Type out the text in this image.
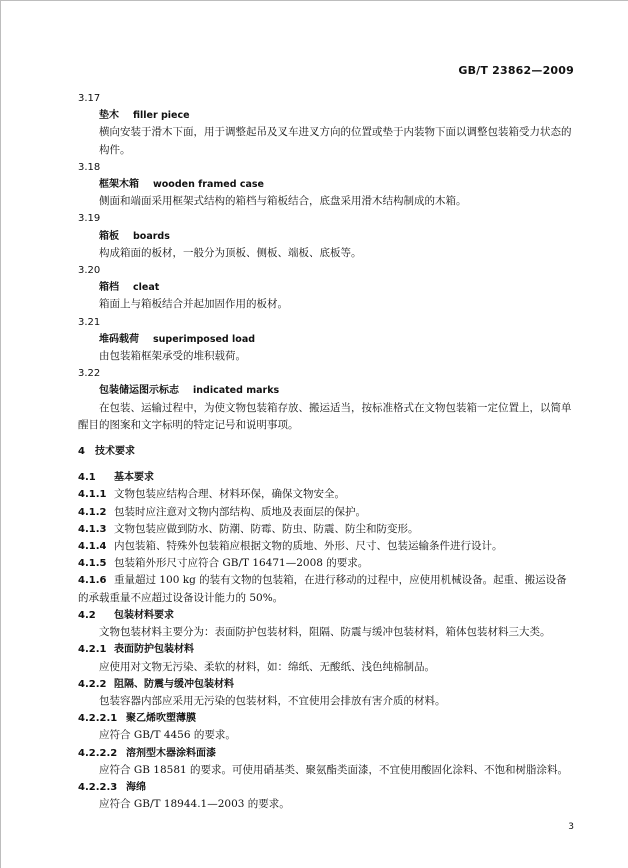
GB/T 23862—2009

3.17

垫木 filler piece

横向安装于滑木下面，用于调整起吊及叉车进叉方向的位置或垫于内装物下面以调整包装箱受力状态的构件。

3.18

框架木箱 wooden framed case

侧面和端面采用框架式结构的箱档与箱板结合，底盘采用滑木结构制成的木箱。

3.19

箱板 boards

构成箱面的板材，一般分为顶板、侧板、端板、底板等。

3.20

箱档 cleat

箱面上与箱板结合并起加固作用的板材。

3.21

堆码载荷 superimposed load

由包装箱框架承受的堆积载荷。

3.22

包装储运图示标志 indicated marks

在包装、运输过程中，为使文物包装箱存放、搬运适当，按标准格式在文物包装箱一定位置上，以简单醒目的图案和文字标明的特定记号和说明事项。

4　技术要求

4.1 基本要求

4.1.1 文物包装应结构合理、材料环保，确保文物安全。

4.1.2 包装时应注意对文物内部结构、质地及表面层的保护。

4.1.3 文物包装应做到防水、防潮、防霉、防虫、防震、防尘和防变形。

4.1.4 内包装箱、特殊外包装箱应根据文物的质地、外形、尺寸、包装运输条件进行设计。

4.1.5 包装箱外形尺寸应符合 GB/T 16471—2008 的要求。

4.1.6 重量超过 100 kg 的装有文物的包装箱，在进行移动的过程中，应使用机械设备。起重、搬运设备的承载重量不应超过设备设计能力的 50%。

4.2 包装材料要求

文物包装材料主要分为：表面防护包装材料，阻隔、防震与缓冲包装材料，箱体包装材料三大类。

4.2.1 表面防护包装材料

应使用对文物无污染、柔软的材料，如：绵纸、无酸纸、浅色纯棉制品。

4.2.2 阻隔、防震与缓冲包装材料

包装容器内部应采用无污染的包装材料，不宜使用会排放有害介质的材料。

4.2.2.1 聚乙烯吹塑薄膜

应符合 GB/T 4456 的要求。

4.2.2.2 溶剂型木器涂料面漆

应符合 GB 18581 的要求。可使用硝基类、聚氨酯类面漆，不宜使用酸固化涂料、不饱和树脂涂料。

4.2.2.3 海绵

应符合 GB/T 18944.1—2003 的要求。

3
